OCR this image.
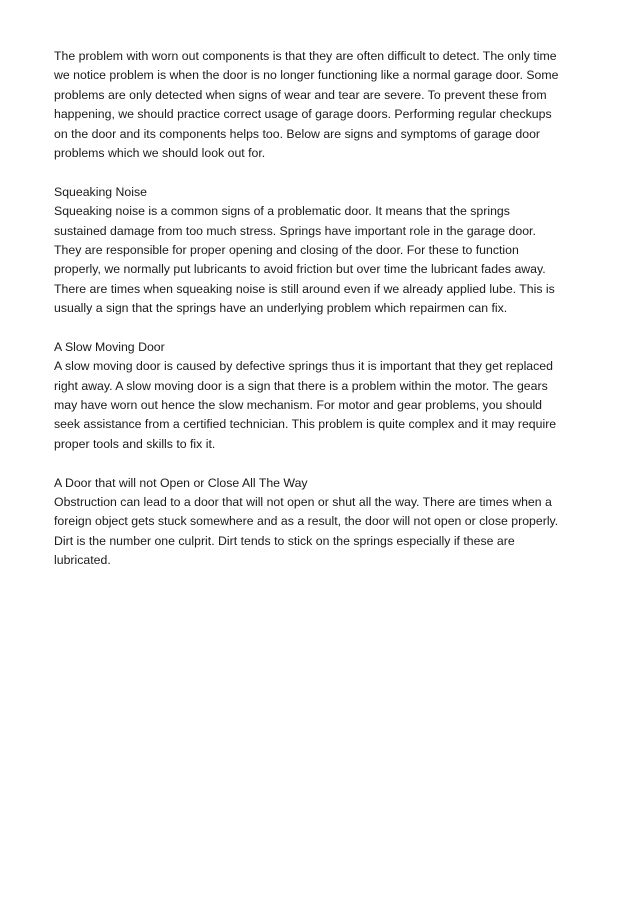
The problem with worn out components is that they are often difficult to detect. The only time
we notice problem is when the door is no longer functioning like a normal garage door. Some
problems are only detected when signs of wear and tear are severe. To prevent these from
happening, we should practice correct usage of garage doors. Performing regular checkups
on the door and its components helps too. Below are signs and symptoms of garage door
problems which we should look out for.
Squeaking Noise
Squeaking noise is a common signs of a problematic door. It means that the springs
sustained damage from too much stress. Springs have important role in the garage door.
They are responsible for proper opening and closing of the door. For these to function
properly, we normally put lubricants to avoid friction but over time the lubricant fades away.
There are times when squeaking noise is still around even if we already applied lube. This is
usually a sign that the springs have an underlying problem which repairmen can fix.
A Slow Moving Door
A slow moving door is caused by defective springs thus it is important that they get replaced
right away. A slow moving door is a sign that there is a problem within the motor. The gears
may have worn out hence the slow mechanism. For motor and gear problems, you should
seek assistance from a certified technician. This problem is quite complex and it may require
proper tools and skills to fix it.
A Door that will not Open or Close All The Way
Obstruction can lead to a door that will not open or shut all the way. There are times when a
foreign object gets stuck somewhere and as a result, the door will not open or close properly.
Dirt is the number one culprit. Dirt tends to stick on the springs especially if these are
lubricated.
